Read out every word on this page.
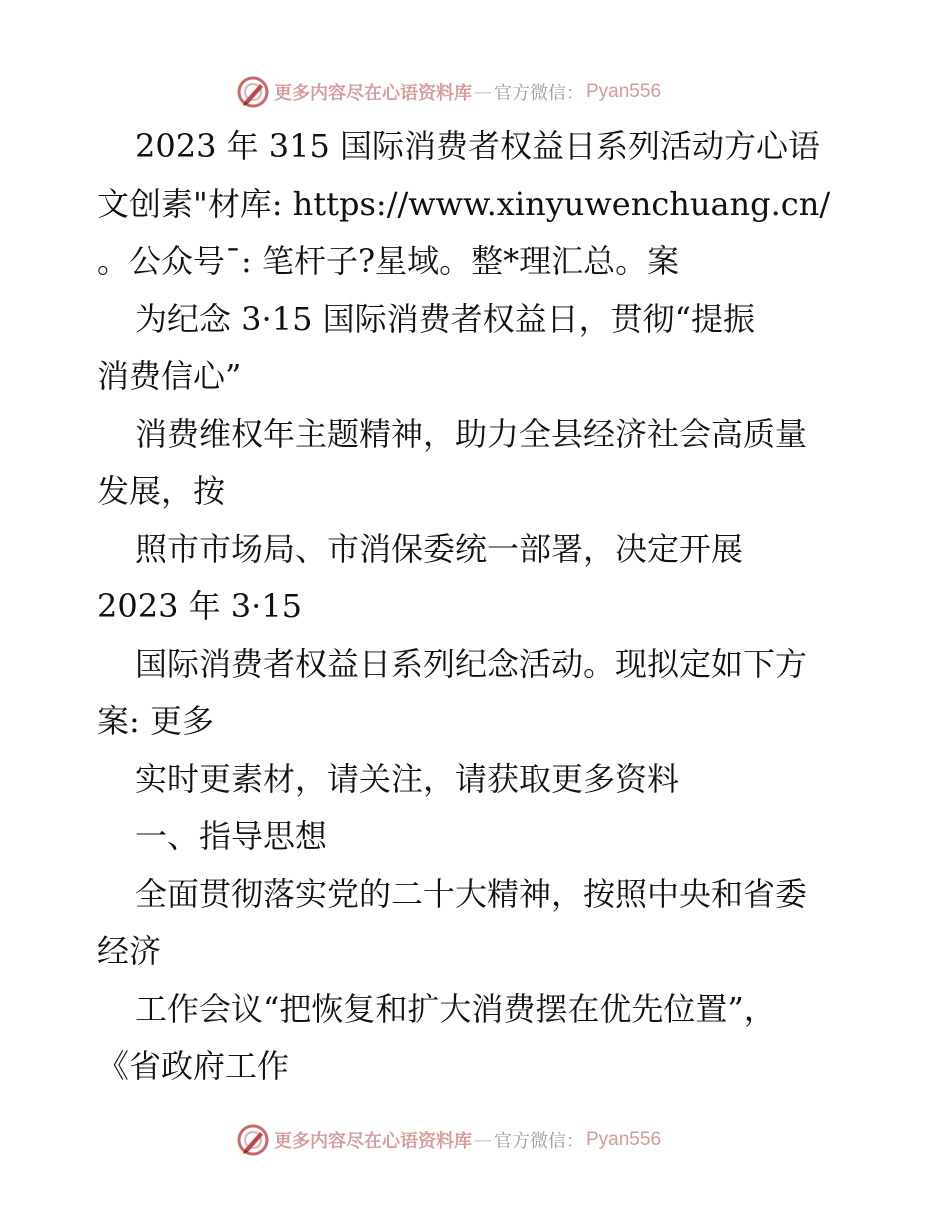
更多内容尽在心语资料库 — 官方微信： Pyan556
2023 年 315 国际消费者权益日系列活动方心语
文创素"材库: https://www.xinyuwenchuang.cn/
。公众号¯: 笔杆子?星域。整*理汇总。案
为纪念 3·15 国际消费者权益日，贯彻“提振
消费信心”
消费维权年主题精神，助力全县经济社会高质量
发展，按
照市市场局、市消保委统一部署，决定开展
2023 年 3·15
国际消费者权益日系列纪念活动。现拟定如下方
案: 更多
实时更素材，请关注，请获取更多资料
一、指导思想
全面贯彻落实党的二十大精神，按照中央和省委
经济
工作会议“把恢复和扩大消费摆在优先位置”，
《省政府工作
更多内容尽在心语资料库 — 官方微信： Pyan556
